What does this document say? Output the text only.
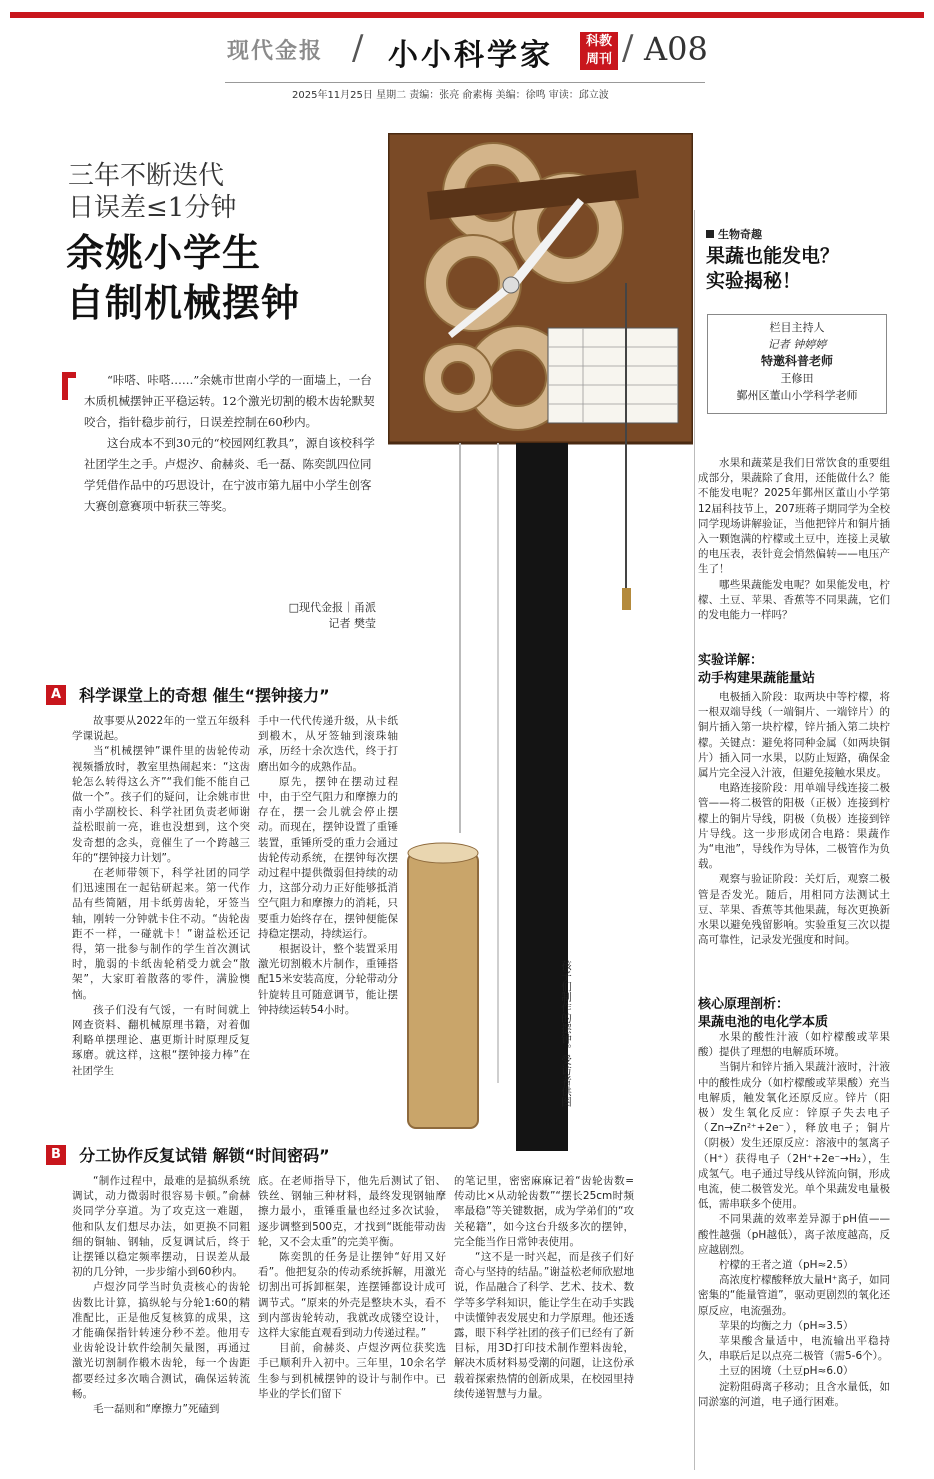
现代金报 / 小小科学家	科教
周刊 / A08
2025年11月25日 星期二 责编：张亮 俞素梅 美编：徐鸣 审读：邱立波
三年不断迭代
日误差≤1分钟
余姚小学生
自制机械摆钟

“咔嗒、咔嗒……”余姚市世南小学的一面墙上，一台木质机械摆钟正平稳运转。12个激光切割的椴木齿轮默契咬合，指针稳步前行，日误差控制在60秒内。

这台成本不到30元的“校园网红教具”，源自该校科学社团学生之手。卢煜汐、俞赫炎、毛一磊、陈奕凯四位同学凭借作品中的巧思设计，在宁波市第九届中小学生创客大赛创意赛项中斩获三等奖。

□现代金报｜甬派
记者 樊莹
孩子们制作的摆钟。受访者供图
A 科学课堂上的奇想 催生“摆钟接力”

故事要从2022年的一堂五年级科学课说起。

当“机械摆钟”课件里的齿轮传动视频播放时，教室里热闹起来：“这齿轮怎么转得这么齐”“我们能不能自己做一个”。孩子们的疑问，让余姚市世南小学副校长、科学社团负责老师谢益松眼前一亮，谁也没想到，这个突发奇想的念头，竟催生了一个跨越三年的“摆钟接力计划”。

在老师带领下，科学社团的同学们迅速围在一起钻研起来。第一代作品有些简陋，用卡纸剪齿轮，牙签当轴，刚转一分钟就卡住不动。“齿轮齿距不一样，一碰就卡！”谢益松还记得，第一批参与制作的学生首次测试时，脆弱的卡纸齿轮稍受力就会“散架”，大家盯着散落的零件，满脸懊恼。

孩子们没有气馁，一有时间就上网查资料、翻机械原理书籍，对着伽利略单摆理论、惠更斯计时原理反复琢磨。就这样，这根“摆钟接力棒”在社团学生

手中一代代传递升级，从卡纸到椴木，从牙签轴到滚珠轴承，历经十余次迭代，终于打磨出如今的成熟作品。

原先，摆钟在摆动过程中，由于空气阻力和摩擦力的存在，摆一会儿就会停止摆动。而现在，摆钟设置了重锤装置，重锤所受的重力会通过齿轮传动系统，在摆钟每次摆动过程中提供微弱但持续的动力，这部分动力正好能够抵消空气阻力和摩擦力的消耗，只要重力始终存在，摆钟便能保持稳定摆动，持续运行。

根据设计，整个装置采用激光切割椴木片制作，重锤搭配15米安装高度，分轮带动分针旋转且可随意调节，能让摆钟持续运转54小时。

B 分工协作反复试错 解锁“时间密码”

“制作过程中，最难的是搞纵系统调试，动力微弱时很容易卡顿。”俞赫炎同学分享道。为了攻克这一难题，他和队友们想尽办法，如更换不同粗细的铜轴、钢轴，反复调试后，终于让摆锤以稳定频率摆动，日误差从最初的几分钟，一步步缩小到60秒内。

卢煜汐同学当时负责核心的齿轮齿数比计算，搞纵轮与分轮1:60的精准配比，正是他反复核算的成果，这才能确保指针转速分秒不差。他用专业齿轮设计软件绘制矢量图，再通过激光切割制作椴木齿轮，每一个齿距都要经过多次啮合测试，确保运转流畅。

毛一磊则和“摩擦力”死磕到

底。在老师指导下，他先后测试了铝、铁丝、钢轴三种材料，最终发现钢轴摩擦力最小，重锤重量也经过多次试验，逐步调整到500克，才找到“既能带动齿轮，又不会太重”的完美平衡。

陈奕凯的任务是让摆钟“好用又好看”。他把复杂的传动系统拆解，用激光切割出可拆卸框架，连摆锤都设计成可调节式。“原来的外壳是整块木头，看不到内部齿轮转动，我就改成镂空设计，这样大家能直观看到动力传递过程。”

目前，俞赫炎、卢煜汐两位获奖选手已顺利升入初中。三年里，10余名学生参与到机械摆钟的设计与制作中。已毕业的学长们留下

的笔记里，密密麻麻记着“齿轮齿数=传动比×从动轮齿数”“摆长25cm时频率最稳”等关键数据，成为学弟们的“攻关秘籍”，如今这台升级多次的摆钟，完全能当作日常钟表使用。

“这不是一时兴起，而是孩子们好奇心与坚持的结晶。”谢益松老师欣慰地说，作品融合了科学、艺术、技术、数学等多学科知识，能让学生在动手实践中读懂钟表发展史和力学原理。他还透露，眼下科学社团的孩子们已经有了新目标，用3D打印技术制作塑料齿轮，解决木质材料易受潮的问题，让这份承载着探索热情的创新成果，在校园里持续传递智慧与力量。

生物奇趣
果蔬也能发电？
实验揭秘！
栏目主持人
记者 钟婷婷
特邀科普老师
王修田
鄞州区董山小学科学老师

水果和蔬菜是我们日常饮食的重要组成部分，果蔬除了食用，还能做什么？能不能发电呢？2025年鄞州区董山小学第12届科技节上，207班蒋子期同学为全校同学现场讲解验证，当他把锌片和铜片插入一颗饱满的柠檬或土豆中，连接上灵敏的电压表，表针竟会悄然偏转——电压产生了！

哪些果蔬能发电呢？如果能发电，柠檬、土豆、苹果、香蕉等不同果蔬，它们的发电能力一样吗？

实验详解：
动手构建果蔬能量站

电极插入阶段：取两块中等柠檬，将一根双端导线（一端铜片、一端锌片）的铜片插入第一块柠檬，锌片插入第二块柠檬。关键点：避免将同种金属（如两块铜片）插入同一水果，以防止短路，确保金属片完全浸入汁液，但避免接触水果皮。

电路连接阶段：用单端导线连接二极管——将二极管的阳极（正极）连接到柠檬上的铜片导线，阴极（负极）连接到锌片导线。这一步形成闭合电路：果蔬作为“电池”，导线作为导体，二极管作为负载。

观察与验证阶段：关灯后，观察二极管是否发光。随后，用相同方法测试土豆、苹果、香蕉等其他果蔬，每次更换新水果以避免残留影响。实验重复三次以提高可靠性，记录发光强度和时间。

核心原理剖析：
果蔬电池的电化学本质

水果的酸性汁液（如柠檬酸或苹果酸）提供了理想的电解质环境。

当铜片和锌片插入果蔬汁液时，汁液中的酸性成分（如柠檬酸或苹果酸）充当电解质，触发氧化还原反应。锌片（阳极）发生氧化反应：锌原子失去电子（Zn→Zn²⁺+2e⁻），释放电子；铜片（阴极）发生还原反应：溶液中的氢离子（H⁺）获得电子（2H⁺+2e⁻→H₂），生成氢气。电子通过导线从锌流向铜，形成电流，使二极管发光。单个果蔬发电量极低，需串联多个使用。

不同果蔬的效率差异源于pH值——酸性越强（pH越低），离子浓度越高，反应越剧烈。

柠檬的王者之道（pH≈2.5）

高浓度柠檬酸释放大量H⁺离子，如同密集的“能量管道”，驱动更剧烈的氧化还原反应，电流强劲。

苹果的均衡之力（pH≈3.5）

苹果酸含量适中，电流输出平稳持久，串联后足以点亮二极管（需5-6个）。

土豆的困境（土豆pH≈6.0）

淀粉阻碍离子移动；且含水量低，如同淤塞的河道，电子通行困难。
